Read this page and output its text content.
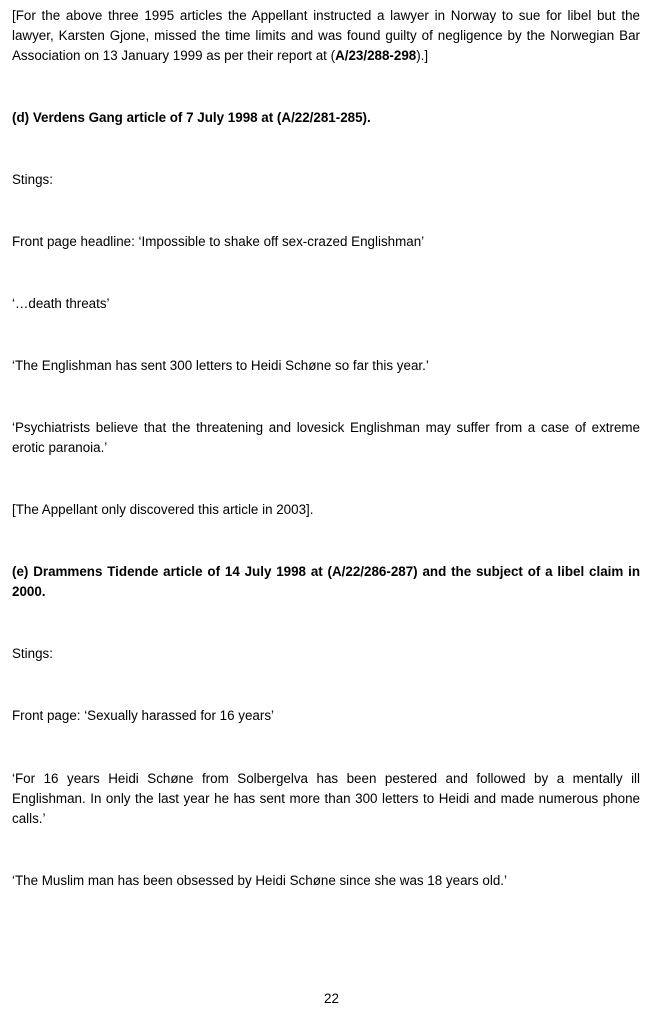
[For the above three 1995 articles the Appellant instructed a lawyer in Norway to sue for libel but the lawyer, Karsten Gjone, missed the time limits and was found guilty of negligence by the Norwegian Bar Association on 13 January 1999 as per their report at (A/23/288-298).]

(d) Verdens Gang article of 7 July 1998 at (A/22/281-285).

Stings:

Front page headline: ‘Impossible to shake off sex-crazed Englishman’

‘…death threats’

‘The Englishman has sent 300 letters to Heidi Schøne so far this year.’

‘Psychiatrists believe that the threatening and lovesick Englishman may suffer from a case of extreme erotic paranoia.’

[The Appellant only discovered this article in 2003].

(e) Drammens Tidende article of 14 July 1998 at (A/22/286-287) and the subject of a libel claim in 2000.

Stings:

Front page: ‘Sexually harassed for 16 years’

‘For 16 years Heidi Schøne from Solbergelva has been pestered and followed by a mentally ill Englishman. In only the last year he has sent more than 300 letters to Heidi and made numerous phone calls.’

‘The Muslim man has been obsessed by Heidi Schøne since she was 18 years old.’

22
